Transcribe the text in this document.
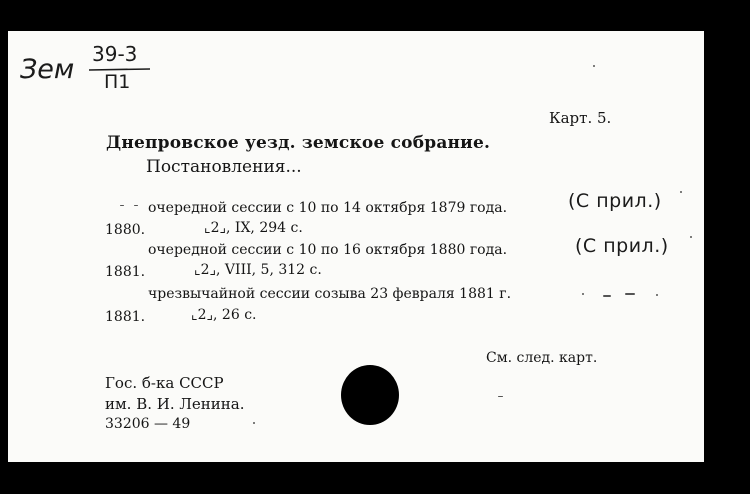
Зем 39-3
П1
Карт. 5.
Днепровское уезд. земское собрание.
Постановления...
очередной сессии с 10 по 14 октября 1879 года.	(С прил.)
1880.	⌞2⌟, IX, 294 с.
очередной сессии с 10 по 16 октября 1880 года.	(С прил.)
1881.	⌞2⌟, VIII, 5, 312 с.
чрезвычайной сессии созыва 23 февраля 1881 г.
1881.	⌞2⌟, 26 с.
См. след. карт.
Гос. б-ка СССР
им. В. И. Ленина.
33206 — 49
